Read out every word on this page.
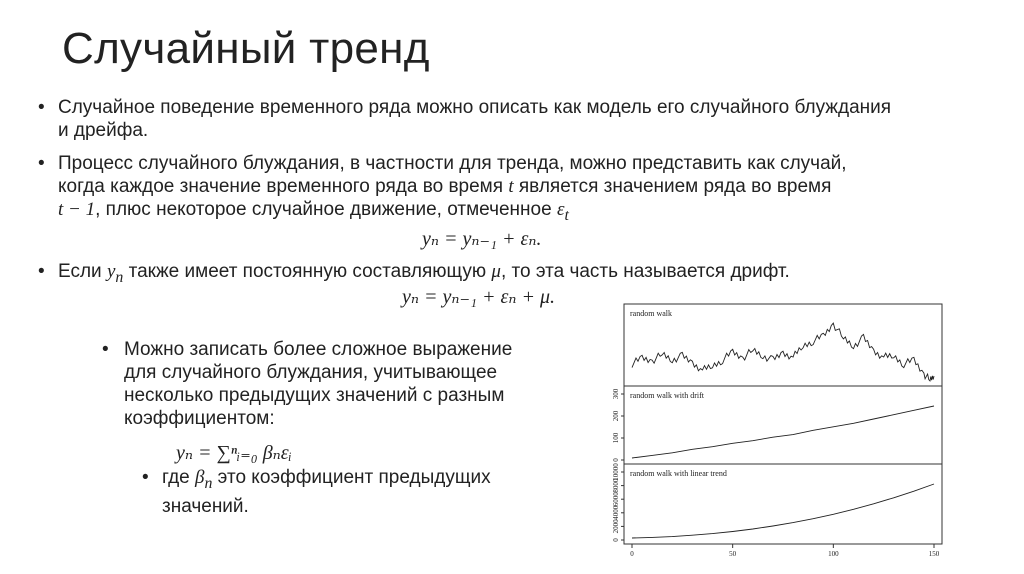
Случайный тренд
• Случайное поведение временного ряда можно описать как модель его случайного блуждания и дрейфа.
• Процесс случайного блуждания, в частности для тренда, можно представить как случай, когда каждое значение временного ряда во время t является значением ряда во время
t − 1, плюс некоторое случайное движение, отмеченное $\varepsilon_t$
yₙ = yₙ₋₁ + εₙ.
• Если $y_n$ также имеет постоянную составляющую μ, то эта часть называется дрифт.
yₙ = yₙ₋₁ + εₙ + μ.
• Можно записать более сложное выражение для случайного блуждания, учитывающее несколько предыдущих значений с разным коэффициентом:
yₙ = ∑ⁿᵢ₌₀ βₙεᵢ
• где $\beta_n$ это коэффициент предыдущих значений.
random walk
random walk with drift
0
100
200
300
random walk with linear trend
0
2000
4000
6000
8000
10000
0	50	100	150
